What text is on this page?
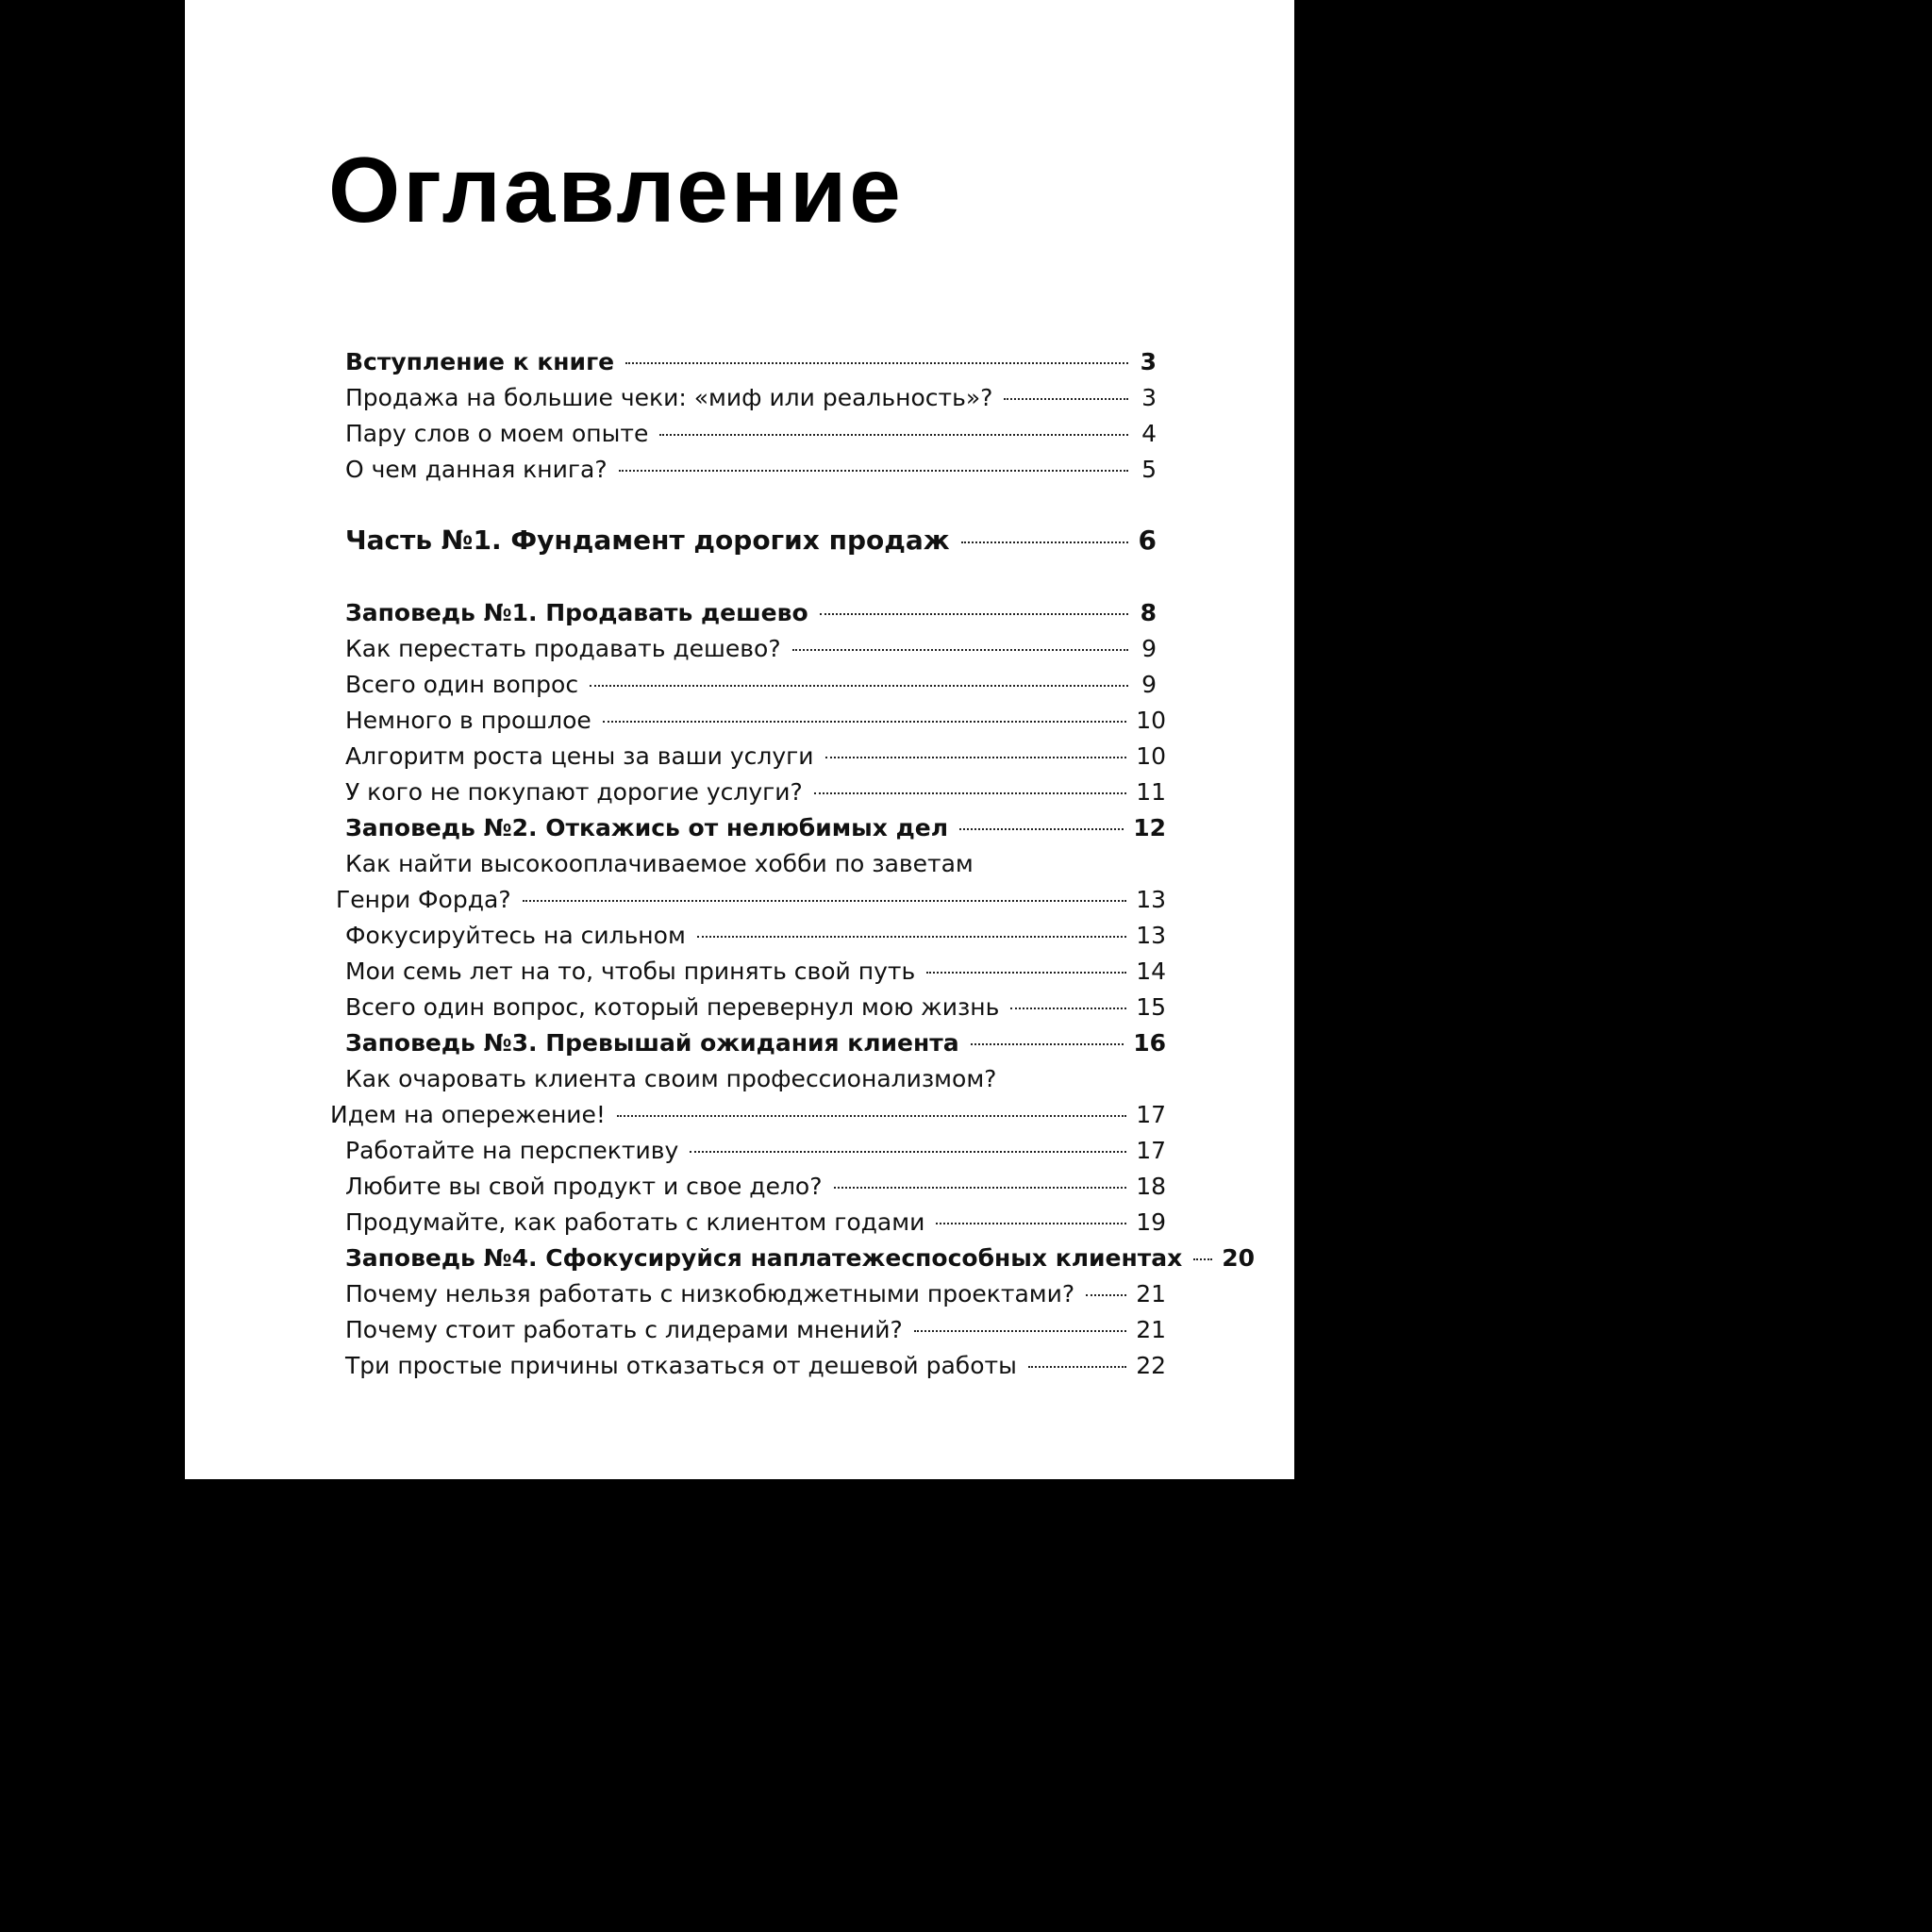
Оглавление
Вступление к книге	3
Продажа на большие чеки: «миф или реальность»?	3
Пару слов о моем опыте	4
О чем данная книга?	5
Часть №1. Фундамент дорогих продаж	6
Заповедь №1. Продавать дешево	8
Как перестать продавать дешево?	9
Всего один вопрос	9
Немного в прошлое	10
Алгоритм роста цены за ваши услуги	10
У кого не покупают дорогие услуги?	11
Заповедь №2. Откажись от нелюбимых дел	12
Как найти высокооплачиваемое хобби по заветам
Генри Форда?	13
Фокусируйтесь на сильном	13
Мои семь лет на то, чтобы принять свой путь	14
Всего один вопрос, который перевернул мою жизнь	15
Заповедь №3. Превышай ожидания клиента	16
Как очаровать клиента своим профессионализмом?
Идем на опережение!	17
Работайте на перспективу	17
Любите вы свой продукт и свое дело?	18
Продумайте, как работать с клиентом годами	19
Заповедь №4. Сфокусируйся наплатежеспособных клиентах 20
Почему нельзя работать с низкобюджетными проектами?	21
Почему стоит работать с лидерами мнений?	21
Три простые причины отказаться от дешевой работы	22
